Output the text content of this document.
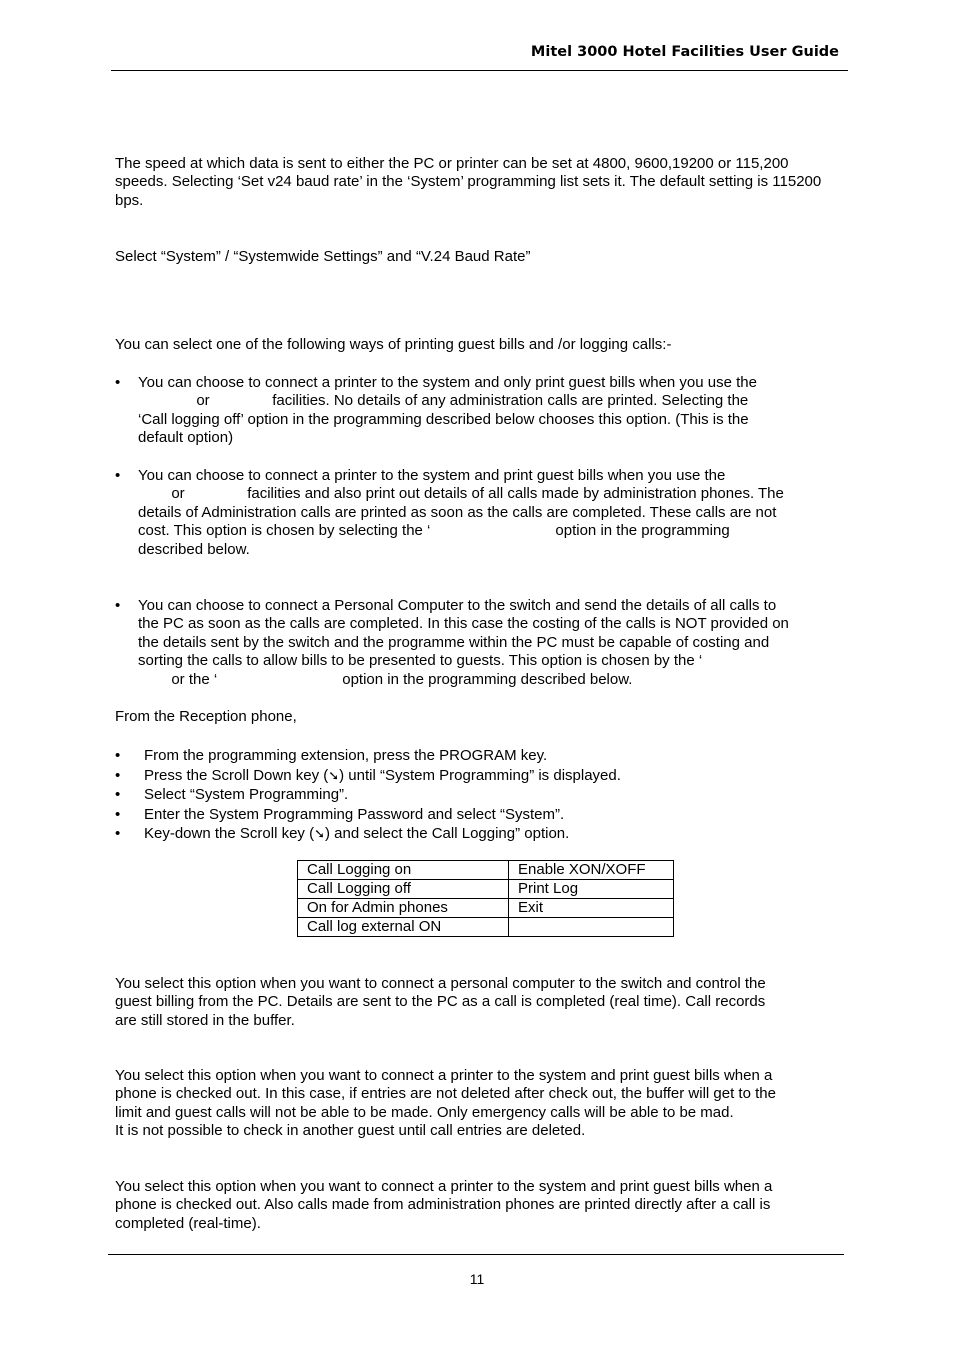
Mitel 3000 Hotel Facilities User Guide

The speed at which data is sent to either the PC or printer can be set at 4800, 9600,19200 or 115,200 speeds. Selecting ‘Set v24 baud rate’ in the ‘System’ programming list sets it. The default setting is 115200 bps.

Select “System” / “Systemwide Settings” and “V.24 Baud Rate”

You can select one of the following ways of printing guest bills and /or logging calls:-

• You can choose to connect a printer to the system and only print guest bills when you use the
or               facilities. No details of any administration calls are printed. Selecting the
‘Call logging off’ option in the programming described below chooses this option. (This is the
default option)
• You can choose to connect a printer to the system and print guest bills when you use the
or               facilities and also print out details of all calls made by administration phones. The
details of Administration calls are printed as soon as the calls are completed. These calls are not
cost. This option is chosen by selecting the ‘                              option in the programming
described below.
• You can choose to connect a Personal Computer to the switch and send the details of all calls to
the PC as soon as the calls are completed. In this case the costing of the calls is NOT provided on
the details sent by the switch and the programme within the PC must be capable of costing and
sorting the calls to allow bills to be presented to guests. This option is chosen by the ‘
or the ‘                              option in the programming described below.

From the Reception phone,

• From the programming extension, press the PROGRAM key.
• Press the Scroll Down key (➘) until “System Programming” is displayed.
• Select “System Programming”.
• Enter the System Programming Password and select “System”.
• Key-down the Scroll key (➘) and select the Call Logging” option.
Call Logging on	Enable XON/XOFF
Call Logging off	Print Log
On for Admin phones	Exit
Call log external ON	
You select this option when you want to connect a personal computer to the switch and control the
guest billing from the PC. Details are sent to the PC as a call is completed (real time). Call records
are still stored in the buffer.
You select this option when you want to connect a printer to the system and print guest bills when a
phone is checked out. In this case, if entries are not deleted after check out, the buffer will get to the
limit and guest calls will not be able to be made. Only emergency calls will be able to be mad.
It is not possible to check in another guest until call entries are deleted.
You select this option when you want to connect a printer to the system and print guest bills when a
phone is checked out. Also calls made from administration phones are printed directly after a call is
completed (real-time).
11
